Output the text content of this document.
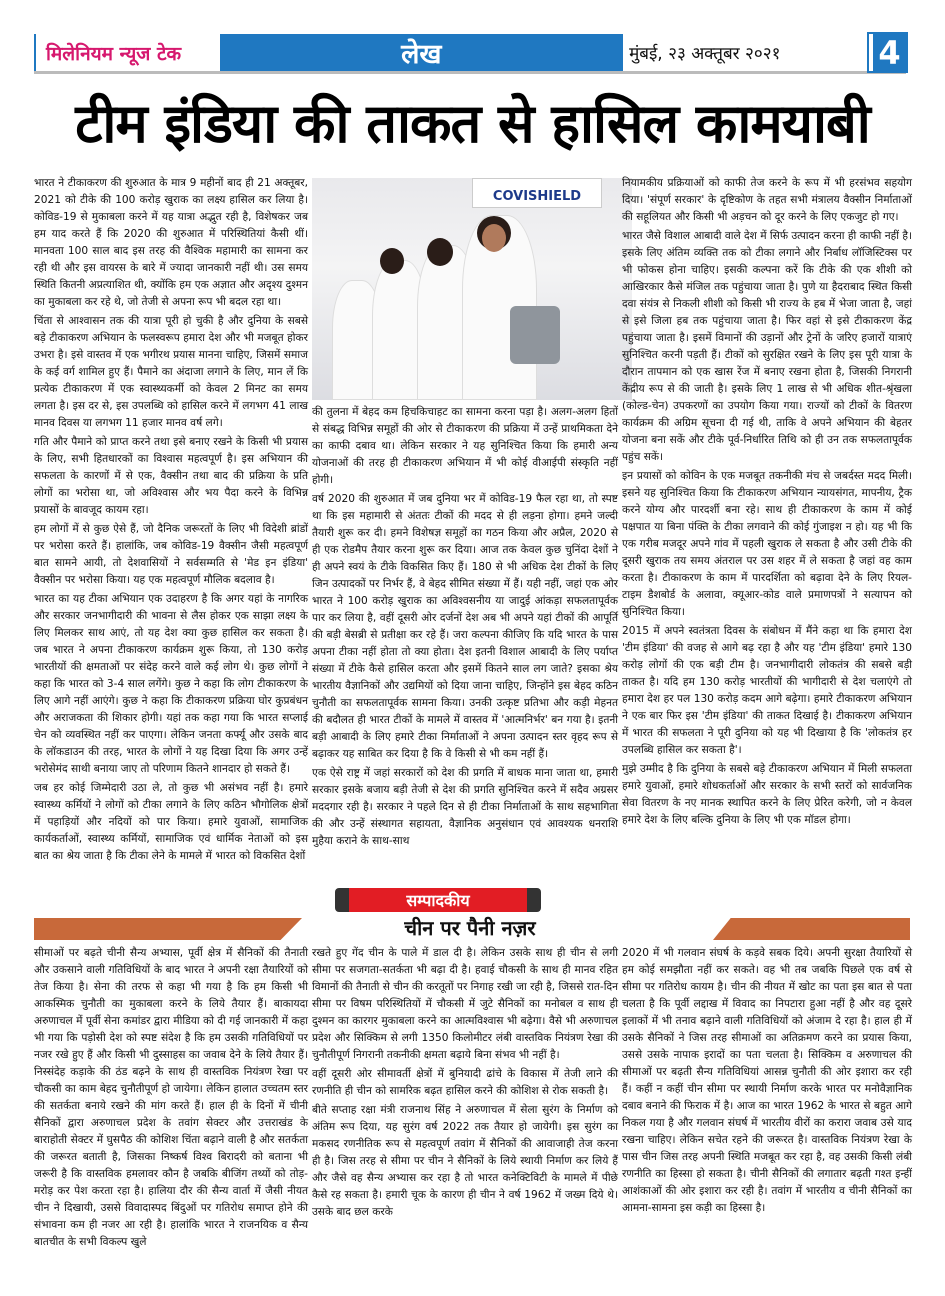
मिलेनियम न्यूज टेक	लेख	मुंबई, २३ अक्तूबर २०२१	4
टीम इंडिया की ताकत से हासिल कामयाबी

भारत ने टीकाकरण की शुरुआत के मात्र 9 महीनों बाद ही 21 अक्तूबर, 2021 को टीके की 100 करोड़ खुराक का लक्ष्य हासिल कर लिया है। कोविड-19 से मुकाबला करने में यह यात्रा अद्भुत रही है, विशेषकर जब हम याद करते हैं कि 2020 की शुरुआत में परिस्थितियां कैसी थीं। मानवता 100 साल बाद इस तरह की वैश्विक महामारी का सामना कर रही थी और इस वायरस के बारे में ज्यादा जानकारी नहीं थी। उस समय स्थिति कितनी अप्रत्याशित थी, क्योंकि हम एक अज्ञात और अदृश्य दुश्मन का मुकाबला कर रहे थे, जो तेजी से अपना रूप भी बदल रहा था।

चिंता से आश्वासन तक की यात्रा पूरी हो चुकी है और दुनिया के सबसे बड़े टीकाकरण अभियान के फलस्वरूप हमारा देश और भी मजबूत होकर उभरा है। इसे वास्तव में एक भगीरथ प्रयास मानना चाहिए, जिसमें समाज के कई वर्ग शामिल हुए हैं। पैमाने का अंदाजा लगाने के लिए, मान लें कि प्रत्येक टीकाकरण में एक स्वास्थ्यकर्मी को केवल 2 मिनट का समय लगता है। इस दर से, इस उपलब्धि को हासिल करने में लगभग 41 लाख मानव दिवस या लगभग 11 हजार मानव वर्ष लगे।

गति और पैमाने को प्राप्त करने तथा इसे बनाए रखने के किसी भी प्रयास के लिए, सभी हितधारकों का विश्वास महत्वपूर्ण है। इस अभियान की सफलता के कारणों में से एक, वैक्सीन तथा बाद की प्रक्रिया के प्रति लोगों का भरोसा था, जो अविश्वास और भय पैदा करने के विभिन्न प्रयासों के बावजूद कायम रहा।

हम लोगों में से कुछ ऐसे हैं, जो दैनिक जरूरतों के लिए भी विदेशी ब्रांडों पर भरोसा करते हैं। हालांकि, जब कोविड-19 वैक्सीन जैसी महत्वपूर्ण बात सामने आयी, तो देशवासियों ने सर्वसम्मति से 'मेड इन इंडिया' वैक्सीन पर भरोसा किया। यह एक महत्वपूर्ण मौलिक बदलाव है।

भारत का यह टीका अभियान एक उदाहरण है कि अगर यहां के नागरिक और सरकार जनभागीदारी की भावना से लैस होकर एक साझा लक्ष्य के लिए मिलकर साथ आएं, तो यह देश क्या कुछ हासिल कर सकता है। जब भारत ने अपना टीकाकरण कार्यक्रम शुरू किया, तो 130 करोड़ भारतीयों की क्षमताओं पर संदेह करने वाले कई लोग थे। कुछ लोगों ने कहा कि भारत को 3-4 साल लगेंगे। कुछ ने कहा कि लोग टीकाकरण के लिए आगे नहीं आएंगे। कुछ ने कहा कि टीकाकरण प्रक्रिया घोर कुप्रबंधन और अराजकता की शिकार होगी। यहां तक कहा गया कि भारत सप्लाई चेन को व्यवस्थित नहीं कर पाएगा। लेकिन जनता कर्फ्यू और उसके बाद के लॉकडाउन की तरह, भारत के लोगों ने यह दिखा दिया कि अगर उन्हें भरोसेमंद साथी बनाया जाए तो परिणाम कितने शानदार हो सकते हैं।

जब हर कोई जिम्मेदारी उठा ले, तो कुछ भी असंभव नहीं है। हमारे स्वास्थ्य कर्मियों ने लोगों को टीका लगाने के लिए कठिन भौगोलिक क्षेत्रों में पहाड़ियों और नदियों को पार किया। हमारे युवाओं, सामाजिक कार्यकर्ताओं, स्वास्थ्य कर्मियों, सामाजिक एवं धार्मिक नेताओं को इस बात का श्रेय जाता है कि टीका लेने के मामले में भारत को विकसित देशों

COVISHIELD

की तुलना में बेहद कम हिचकिचाहट का सामना करना पड़ा है। अलग-अलग हितों से संबद्ध विभिन्न समूहों की ओर से टीकाकरण की प्रक्रिया में उन्हें प्राथमिकता देने का काफी दबाव था। लेकिन सरकार ने यह सुनिश्चित किया कि हमारी अन्य योजनाओं की तरह ही टीकाकरण अभियान में भी कोई वीआईपी संस्कृति नहीं होगी।

वर्ष 2020 की शुरुआत में जब दुनिया भर में कोविड-19 फैल रहा था, तो स्पष्ट था कि इस महामारी से अंततः टीकों की मदद से ही लड़ना होगा। हमने जल्दी तैयारी शुरू कर दी। हमने विशेषज्ञ समूहों का गठन किया और अप्रैल, 2020 से ही एक रोडमैप तैयार करना शुरू कर दिया। आज तक केवल कुछ चुनिंदा देशों ने ही अपने स्वयं के टीके विकसित किए हैं। 180 से भी अधिक देश टीकों के लिए जिन उत्पादकों पर निर्भर हैं, वे बेहद सीमित संख्या में हैं। यही नहीं, जहां एक ओर भारत ने 100 करोड़ खुराक का अविश्वसनीय या जादुई आंकड़ा सफलतापूर्वक पार कर लिया है, वहीं दूसरी ओर दर्जनों देश अब भी अपने यहां टीकों की आपूर्ति की बड़ी बेसब्री से प्रतीक्षा कर रहे हैं। जरा कल्पना कीजिए कि यदि भारत के पास अपना टीका नहीं होता तो क्या होता। देश इतनी विशाल आबादी के लिए पर्याप्त संख्या में टीके कैसे हासिल करता और इसमें कितने साल लग जाते? इसका श्रेय भारतीय वैज्ञानिकों और उद्यमियों को दिया जाना चाहिए, जिन्होंने इस बेहद कठिन चुनौती का सफलतापूर्वक सामना किया। उनकी उत्कृष्ट प्रतिभा और कड़ी मेहनत की बदौलत ही भारत टीकों के मामले में वास्तव में 'आत्मनिर्भर' बन गया है। इतनी बड़ी आबादी के लिए हमारे टीका निर्माताओं ने अपना उत्पादन स्तर वृहद रूप से बढ़ाकर यह साबित कर दिया है कि वे किसी से भी कम नहीं हैं।

एक ऐसे राष्ट्र में जहां सरकारों को देश की प्रगति में बाधक माना जाता था, हमारी सरकार इसके बजाय बड़ी तेजी से देश की प्रगति सुनिश्चित करने में सदैव अग्रसर मददगार रही है। सरकार ने पहले दिन से ही टीका निर्माताओं के साथ सहभागिता की और उन्हें संस्थागत सहायता, वैज्ञानिक अनुसंधान एवं आवश्यक धनराशि मुहैया कराने के साथ-साथ

नियामकीय प्रक्रियाओं को काफी तेज करने के रूप में भी हरसंभव सहयोग दिया। 'संपूर्ण सरकार' के दृष्टिकोण के तहत सभी मंत्रालय वैक्सीन निर्माताओं की सहूलियत और किसी भी अड़चन को दूर करने के लिए एकजुट हो गए।

भारत जैसे विशाल आबादी वाले देश में सिर्फ उत्पादन करना ही काफी नहीं है। इसके लिए अंतिम व्यक्ति तक को टीका लगाने और निर्बाध लॉजिस्टिक्स पर भी फोकस होना चाहिए। इसकी कल्पना करें कि टीके की एक शीशी को आखिरकार कैसे मंजिल तक पहुंचाया जाता है। पुणे या हैदराबाद स्थित किसी दवा संयंत्र से निकली शीशी को किसी भी राज्य के हब में भेजा जाता है, जहां से इसे जिला हब तक पहुंचाया जाता है। फिर वहां से इसे टीकाकरण केंद्र पहुंचाया जाता है। इसमें विमानों की उड़ानों और ट्रेनों के जरिए हजारों यात्राएं सुनिश्चित करनी पड़ती हैं। टीकों को सुरक्षित रखने के लिए इस पूरी यात्रा के दौरान तापमान को एक खास रेंज में बनाए रखना होता है, जिसकी निगरानी केंद्रीय रूप से की जाती है। इसके लिए 1 लाख से भी अधिक शीत-श्रृंखला (कोल्ड-चेन) उपकरणों का उपयोग किया गया। राज्यों को टीकों के वितरण कार्यक्रम की अग्रिम सूचना दी गई थी, ताकि वे अपने अभियान की बेहतर योजना बना सकें और टीके पूर्व-निर्धारित तिथि को ही उन तक सफलतापूर्वक पहुंच सकें।

इन प्रयासों को कोविन के एक मजबूत तकनीकी मंच से जबर्दस्त मदद मिली। इसने यह सुनिश्चित किया कि टीकाकरण अभियान न्यायसंगत, मापनीय, ट्रैक करने योग्य और पारदर्शी बना रहे। साथ ही टीकाकरण के काम में कोई पक्षपात या बिना पंक्ति के टीका लगवाने की कोई गुंजाइश न हो। यह भी कि एक गरीब मजदूर अपने गांव में पहली खुराक ले सकता है और उसी टीके की दूसरी खुराक तय समय अंतराल पर उस शहर में ले सकता है जहां वह काम करता है। टीकाकरण के काम में पारदर्शिता को बढ़ावा देने के लिए रियल-टाइम डैशबोर्ड के अलावा, क्यूआर-कोड वाले प्रमाणपत्रों ने सत्यापन को सुनिश्चित किया।

2015 में अपने स्वतंत्रता दिवस के संबोधन में मैंने कहा था कि हमारा देश 'टीम इंडिया' की वजह से आगे बढ़ रहा है और यह 'टीम इंडिया' हमारे 130 करोड़ लोगों की एक बड़ी टीम है। जनभागीदारी लोकतंत्र की सबसे बड़ी ताकत है। यदि हम 130 करोड़ भारतीयों की भागीदारी से देश चलाएंगे तो हमारा देश हर पल 130 करोड़ कदम आगे बढ़ेगा। हमारे टीकाकरण अभियान ने एक बार फिर इस 'टीम इंडिया' की ताकत दिखाई है। टीकाकरण अभियान में भारत की सफलता ने पूरी दुनिया को यह भी दिखाया है कि 'लोकतंत्र हर उपलब्धि हासिल कर सकता है'।

मुझे उम्मीद है कि दुनिया के सबसे बड़े टीकाकरण अभियान में मिली सफलता हमारे युवाओं, हमारे शोधकर्ताओं और सरकार के सभी स्तरों को सार्वजनिक सेवा वितरण के नए मानक स्थापित करने के लिए प्रेरित करेगी, जो न केवल हमारे देश के लिए बल्कि दुनिया के लिए भी एक मॉडल होगा।

सम्पादकीय
चीन पर पैनी नज़र

सीमाओं पर बढ़ते चीनी सैन्य अभ्यास, पूर्वी क्षेत्र में सैनिकों की तैनाती और उकसाने वाली गतिविधियों के बाद भारत ने अपनी रक्षा तैयारियों को तेज किया है। सेना की तरफ से कहा भी गया है कि हम किसी भी आकस्मिक चुनौती का मुकाबला करने के लिये तैयार हैं। बाकायदा अरुणाचल में पूर्वी सेना कमांडर द्वारा मीडिया को दी गई जानकारी में कहा भी गया कि पड़ोसी देश को स्पष्ट संदेश है कि हम उसकी गतिविधियों पर नजर रखे हुए हैं और किसी भी दुस्साहस का जवाब देने के लिये तैयार हैं। निस्संदेह कड़ाके की ठंड बढ़ने के साथ ही वास्तविक नियंत्रण रेखा पर चौकसी का काम बेहद चुनौतीपूर्ण हो जायेगा। लेकिन हालात उच्चतम स्तर की सतर्कता बनाये रखने की मांग करते हैं। हाल ही के दिनों में चीनी सैनिकों द्वारा अरुणाचल प्रदेश के तवांग सेक्टर और उत्तराखंड के बाराहोती सेक्टर में घुसपैठ की कोशिश चिंता बढ़ाने वाली है और सतर्कता की जरूरत बताती है, जिसका निष्कर्ष विश्व बिरादरी को बताना भी जरूरी है कि वास्तविक हमलावर कौन है जबकि बीजिंग तथ्यों को तोड़-मरोड़ कर पेश करता रहा है। हालिया दौर की सैन्य वार्ता में जैसी नीयत चीन ने दिखायी, उससे विवादास्पद बिंदुओं पर गतिरोध समाप्त होने की संभावना कम ही नजर आ रही है। हालांकि भारत ने राजनयिक व सैन्य बातचीत के सभी विकल्प खुले

रखते हुए गेंद चीन के पाले में डाल दी है। लेकिन उसके साथ ही चीन से लगी सीमा पर सजगता-सतर्कता भी बढ़ा दी है। हवाई चौकसी के साथ ही मानव रहित विमानों की तैनाती से चीन की करतूतों पर निगाह रखी जा रही है, जिससे रात-दिन सीमा पर विषम परिस्थितियों में चौकसी में जुटे सैनिकों का मनोबल व साथ ही दुश्मन का कारगर मुकाबला करने का आत्मविश्वास भी बढ़ेगा। वैसे भी अरुणाचल प्रदेश और सिक्किम से लगी 1350 किलोमीटर लंबी वास्तविक नियंत्रण रेखा की चुनौतीपूर्ण निगरानी तकनीकी क्षमता बढ़ाये बिना संभव भी नहीं है।

वहीं दूसरी ओर सीमावर्ती क्षेत्रों में बुनियादी ढांचे के विकास में तेजी लाने की रणनीति ही चीन को सामरिक बढ़त हासिल करने की कोशिश से रोक सकती है।

बीते सप्ताह रक्षा मंत्री राजनाथ सिंह ने अरुणाचल में सेला सुरंग के निर्माण को अंतिम रूप दिया, यह सुरंग वर्ष 2022 तक तैयार हो जायेगी। इस सुरंग का मकसद रणनीतिक रूप से महत्वपूर्ण तवांग में सैनिकों की आवाजाही तेज करना ही है। जिस तरह से सीमा पर चीन ने सैनिकों के लिये स्थायी निर्माण कर लिये हैं और जैसे वह सैन्य अभ्यास कर रहा है तो भारत कनेक्टिविटी के मामले में पीछे कैसे रह सकता है। हमारी चूक के कारण ही चीन ने वर्ष 1962 में जख्म दिये थे। उसके बाद छल करके

2020 में भी गलवान संघर्ष के कड़वे सबक दिये। अपनी सुरक्षा तैयारियों से हम कोई समझौता नहीं कर सकते। वह भी तब जबकि पिछले एक वर्ष से सीमा पर गतिरोध कायम है। चीन की नीयत में खोट का पता इस बात से पता चलता है कि पूर्वी लद्दाख में विवाद का निपटारा हुआ नहीं है और वह दूसरे इलाकों में भी तनाव बढ़ाने वाली गतिविधियों को अंजाम दे रहा है। हाल ही में उसके सैनिकों ने जिस तरह सीमाओं का अतिक्रमण करने का प्रयास किया, उससे उसके नापाक इरादों का पता चलता है। सिक्किम व अरुणाचल की सीमाओं पर बढ़ती सैन्य गतिविधियां आसन्न चुनौती की ओर इशारा कर रही हैं। कहीं न कहीं चीन सीमा पर स्थायी निर्माण करके भारत पर मनोवैज्ञानिक दबाव बनाने की फिराक में है। आज का भारत 1962 के भारत से बहुत आगे निकल गया है और गलवान संघर्ष में भारतीय वीरों का करारा जवाब उसे याद रखना चाहिए। लेकिन सचेत रहने की जरूरत है। वास्तविक नियंत्रण रेखा के पास चीन जिस तरह अपनी स्थिति मजबूत कर रहा है, वह उसकी किसी लंबी रणनीति का हिस्सा हो सकता है। चीनी सैनिकों की लगातार बढ़ती गश्त इन्हीं आशंकाओं की ओर इशारा कर रही है। तवांग में भारतीय व चीनी सैनिकों का आमना-सामना इस कड़ी का हिस्सा है।
